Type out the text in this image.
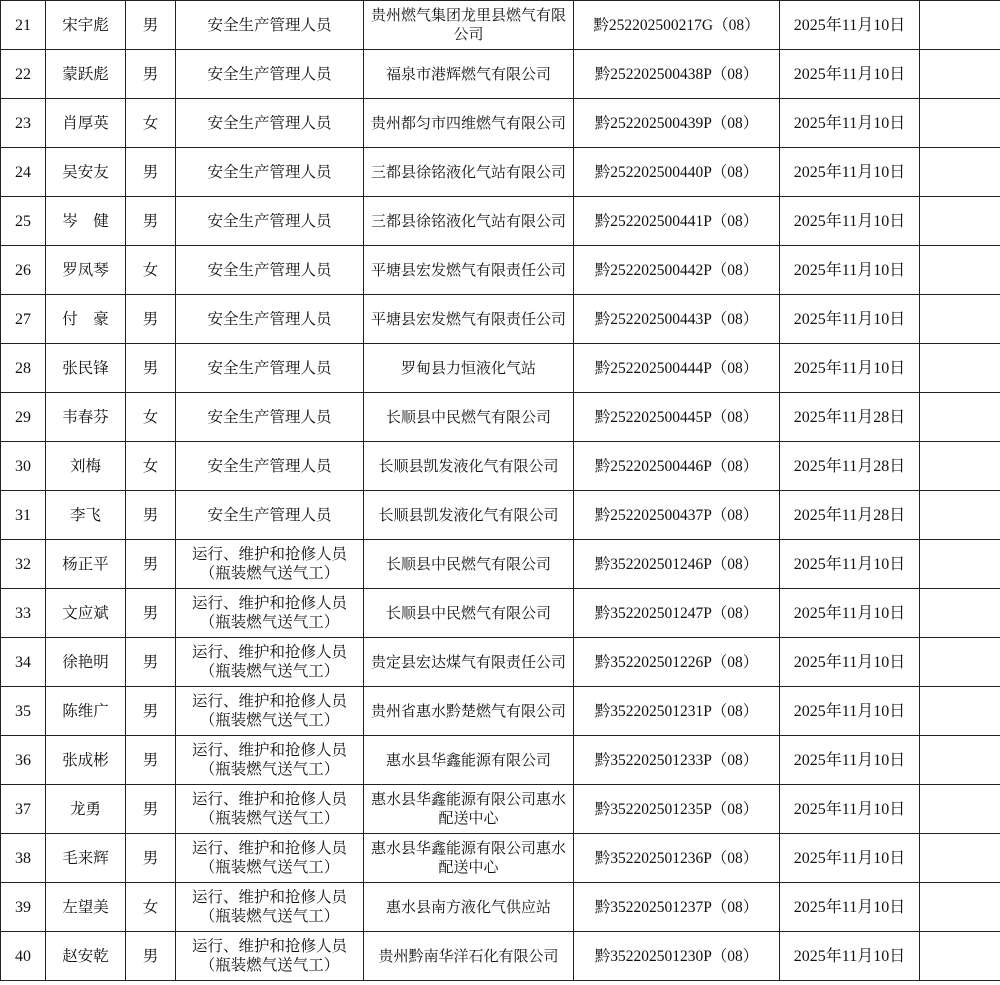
21	宋宇彪	男	安全生产管理人员	贵州燃气集团龙里县燃气有限公司	黔252202500217G（08）	2025年11月10日	
22	蒙跃彪	男	安全生产管理人员	福泉市港辉燃气有限公司	黔252202500438P（08）	2025年11月10日	
23	肖厚英	女	安全生产管理人员	贵州都匀市四维燃气有限公司	黔252202500439P（08）	2025年11月10日	
24	吴安友	男	安全生产管理人员	三都县徐铭液化气站有限公司	黔252202500440P（08）	2025年11月10日	
25	岑　健	男	安全生产管理人员	三都县徐铭液化气站有限公司	黔252202500441P（08）	2025年11月10日	
26	罗凤琴	女	安全生产管理人员	平塘县宏发燃气有限责任公司	黔252202500442P（08）	2025年11月10日	
27	付　豪	男	安全生产管理人员	平塘县宏发燃气有限责任公司	黔252202500443P（08）	2025年11月10日	
28	张民锋	男	安全生产管理人员	罗甸县力恒液化气站	黔252202500444P（08）	2025年11月10日	
29	韦春芬	女	安全生产管理人员	长顺县中民燃气有限公司	黔252202500445P（08）	2025年11月28日	
30	刘梅	女	安全生产管理人员	长顺县凯发液化气有限公司	黔252202500446P（08）	2025年11月28日	
31	李飞	男	安全生产管理人员	长顺县凯发液化气有限公司	黔252202500437P（08）	2025年11月28日	
32	杨正平	男	运行、维护和抢修人员（瓶装燃气送气工）	长顺县中民燃气有限公司	黔352202501246P（08）	2025年11月10日	
33	文应斌	男	运行、维护和抢修人员（瓶装燃气送气工）	长顺县中民燃气有限公司	黔352202501247P（08）	2025年11月10日	
34	徐艳明	男	运行、维护和抢修人员（瓶装燃气送气工）	贵定县宏达煤气有限责任公司	黔352202501226P（08）	2025年11月10日	
35	陈维广	男	运行、维护和抢修人员（瓶装燃气送气工）	贵州省惠水黔楚燃气有限公司	黔352202501231P（08）	2025年11月10日	
36	张成彬	男	运行、维护和抢修人员（瓶装燃气送气工）	惠水县华鑫能源有限公司	黔352202501233P（08）	2025年11月10日	
37	龙勇	男	运行、维护和抢修人员（瓶装燃气送气工）	惠水县华鑫能源有限公司惠水配送中心	黔352202501235P（08）	2025年11月10日	
38	毛来辉	男	运行、维护和抢修人员（瓶装燃气送气工）	惠水县华鑫能源有限公司惠水配送中心	黔352202501236P（08）	2025年11月10日	
39	左望美	女	运行、维护和抢修人员（瓶装燃气送气工）	惠水县南方液化气供应站	黔352202501237P（08）	2025年11月10日	
40	赵安乾	男	运行、维护和抢修人员（瓶装燃气送气工）	贵州黔南华洋石化有限公司	黔352202501230P（08）	2025年11月10日	
